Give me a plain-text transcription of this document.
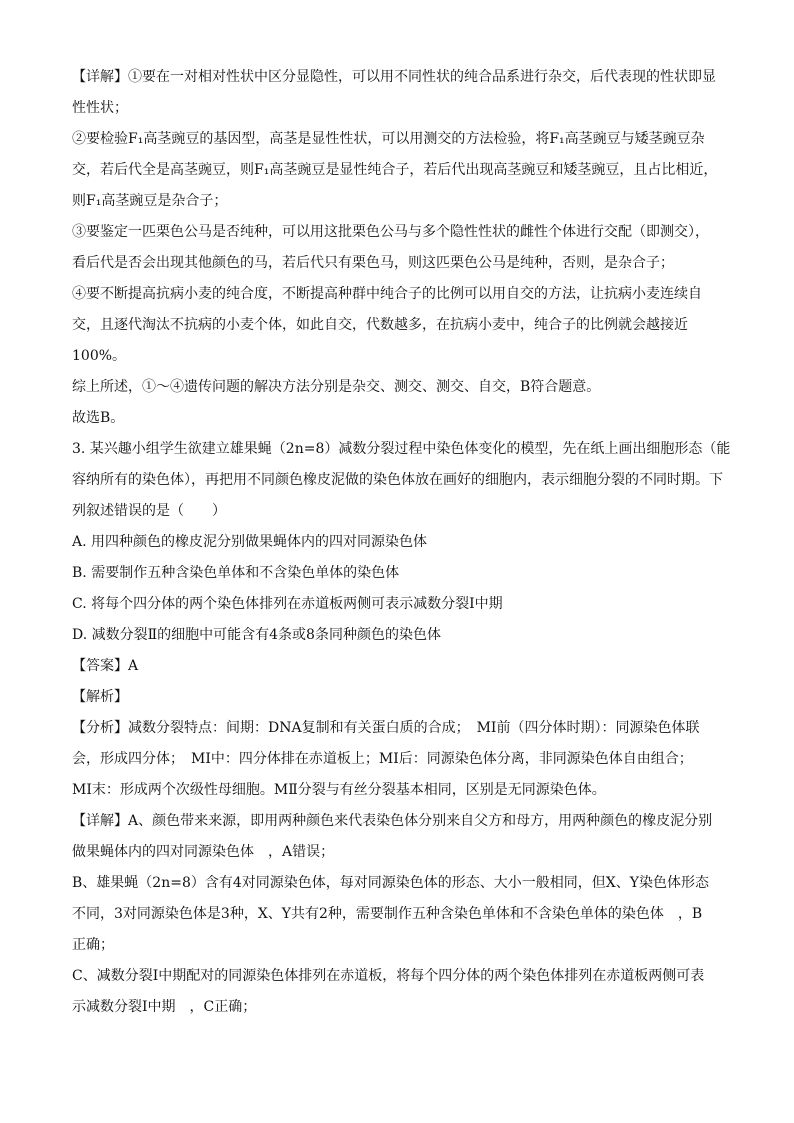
【详解】①要在一对相对性状中区分显隐性，可以用不同性状的纯合品系进行杂交，后代表现的性状即显
性性状；
②要检验F₁高茎豌豆的基因型，高茎是显性性状，可以用测交的方法检验，将F₁高茎豌豆与矮茎豌豆杂
交，若后代全是高茎豌豆，则F₁高茎豌豆是显性纯合子，若后代出现高茎豌豆和矮茎豌豆，且占比相近，
则F₁高茎豌豆是杂合子；
③要鉴定一匹栗色公马是否纯种，可以用这批栗色公马与多个隐性性状的雌性个体进行交配（即测交），
看后代是否会出现其他颜色的马，若后代只有栗色马，则这匹栗色公马是纯种，否则，是杂合子；
④要不断提高抗病小麦的纯合度，不断提高种群中纯合子的比例可以用自交的方法，让抗病小麦连续自
交，且逐代淘汰不抗病的小麦个体，如此自交，代数越多，在抗病小麦中，纯合子的比例就会越接近
100%。
综上所述，①～④遗传问题的解决方法分别是杂交、测交、测交、自交，B符合题意。
故选B。
3. 某兴趣小组学生欲建立雄果蝇（2n=8）减数分裂过程中染色体变化的模型，先在纸上画出细胞形态（能
容纳所有的染色体），再把用不同颜色橡皮泥做的染色体放在画好的细胞内，表示细胞分裂的不同时期。下
列叙述错误的是（　　）
A. 用四种颜色的橡皮泥分别做果蝇体内的四对同源染色体
B. 需要制作五种含染色单体和不含染色单体的染色体
C. 将每个四分体的两个染色体排列在赤道板两侧可表示减数分裂Ⅰ中期
D. 减数分裂Ⅱ的细胞中可能含有4条或8条同种颜色的染色体
【答案】A
【解析】
【分析】减数分裂特点：间期：DNA复制和有关蛋白质的合成；　MⅠ前（四分体时期）：同源染色体联
会，形成四分体；　MⅠ中：四分体排在赤道板上；MⅠ后：同源染色体分离，非同源染色体自由组合；
MⅠ末：形成两个次级性母细胞。MⅡ分裂与有丝分裂基本相同，区别是无同源染色体。
【详解】A、颜色带来来源，即用两种颜色来代表染色体分别来自父方和母方，用两种颜色的橡皮泥分别
做果蝇体内的四对同源染色体　，A错误；
B、雄果蝇（2n=8）含有4对同源染色体，每对同源染色体的形态、大小一般相同，但X、Y染色体形态
不同，3对同源染色体是3种，X、Y共有2种，需要制作五种含染色单体和不含染色单体的染色体　，B
正确；
C、减数分裂Ⅰ中期配对的同源染色体排列在赤道板，将每个四分体的两个染色体排列在赤道板两侧可表
示减数分裂Ⅰ中期　，C正确；
